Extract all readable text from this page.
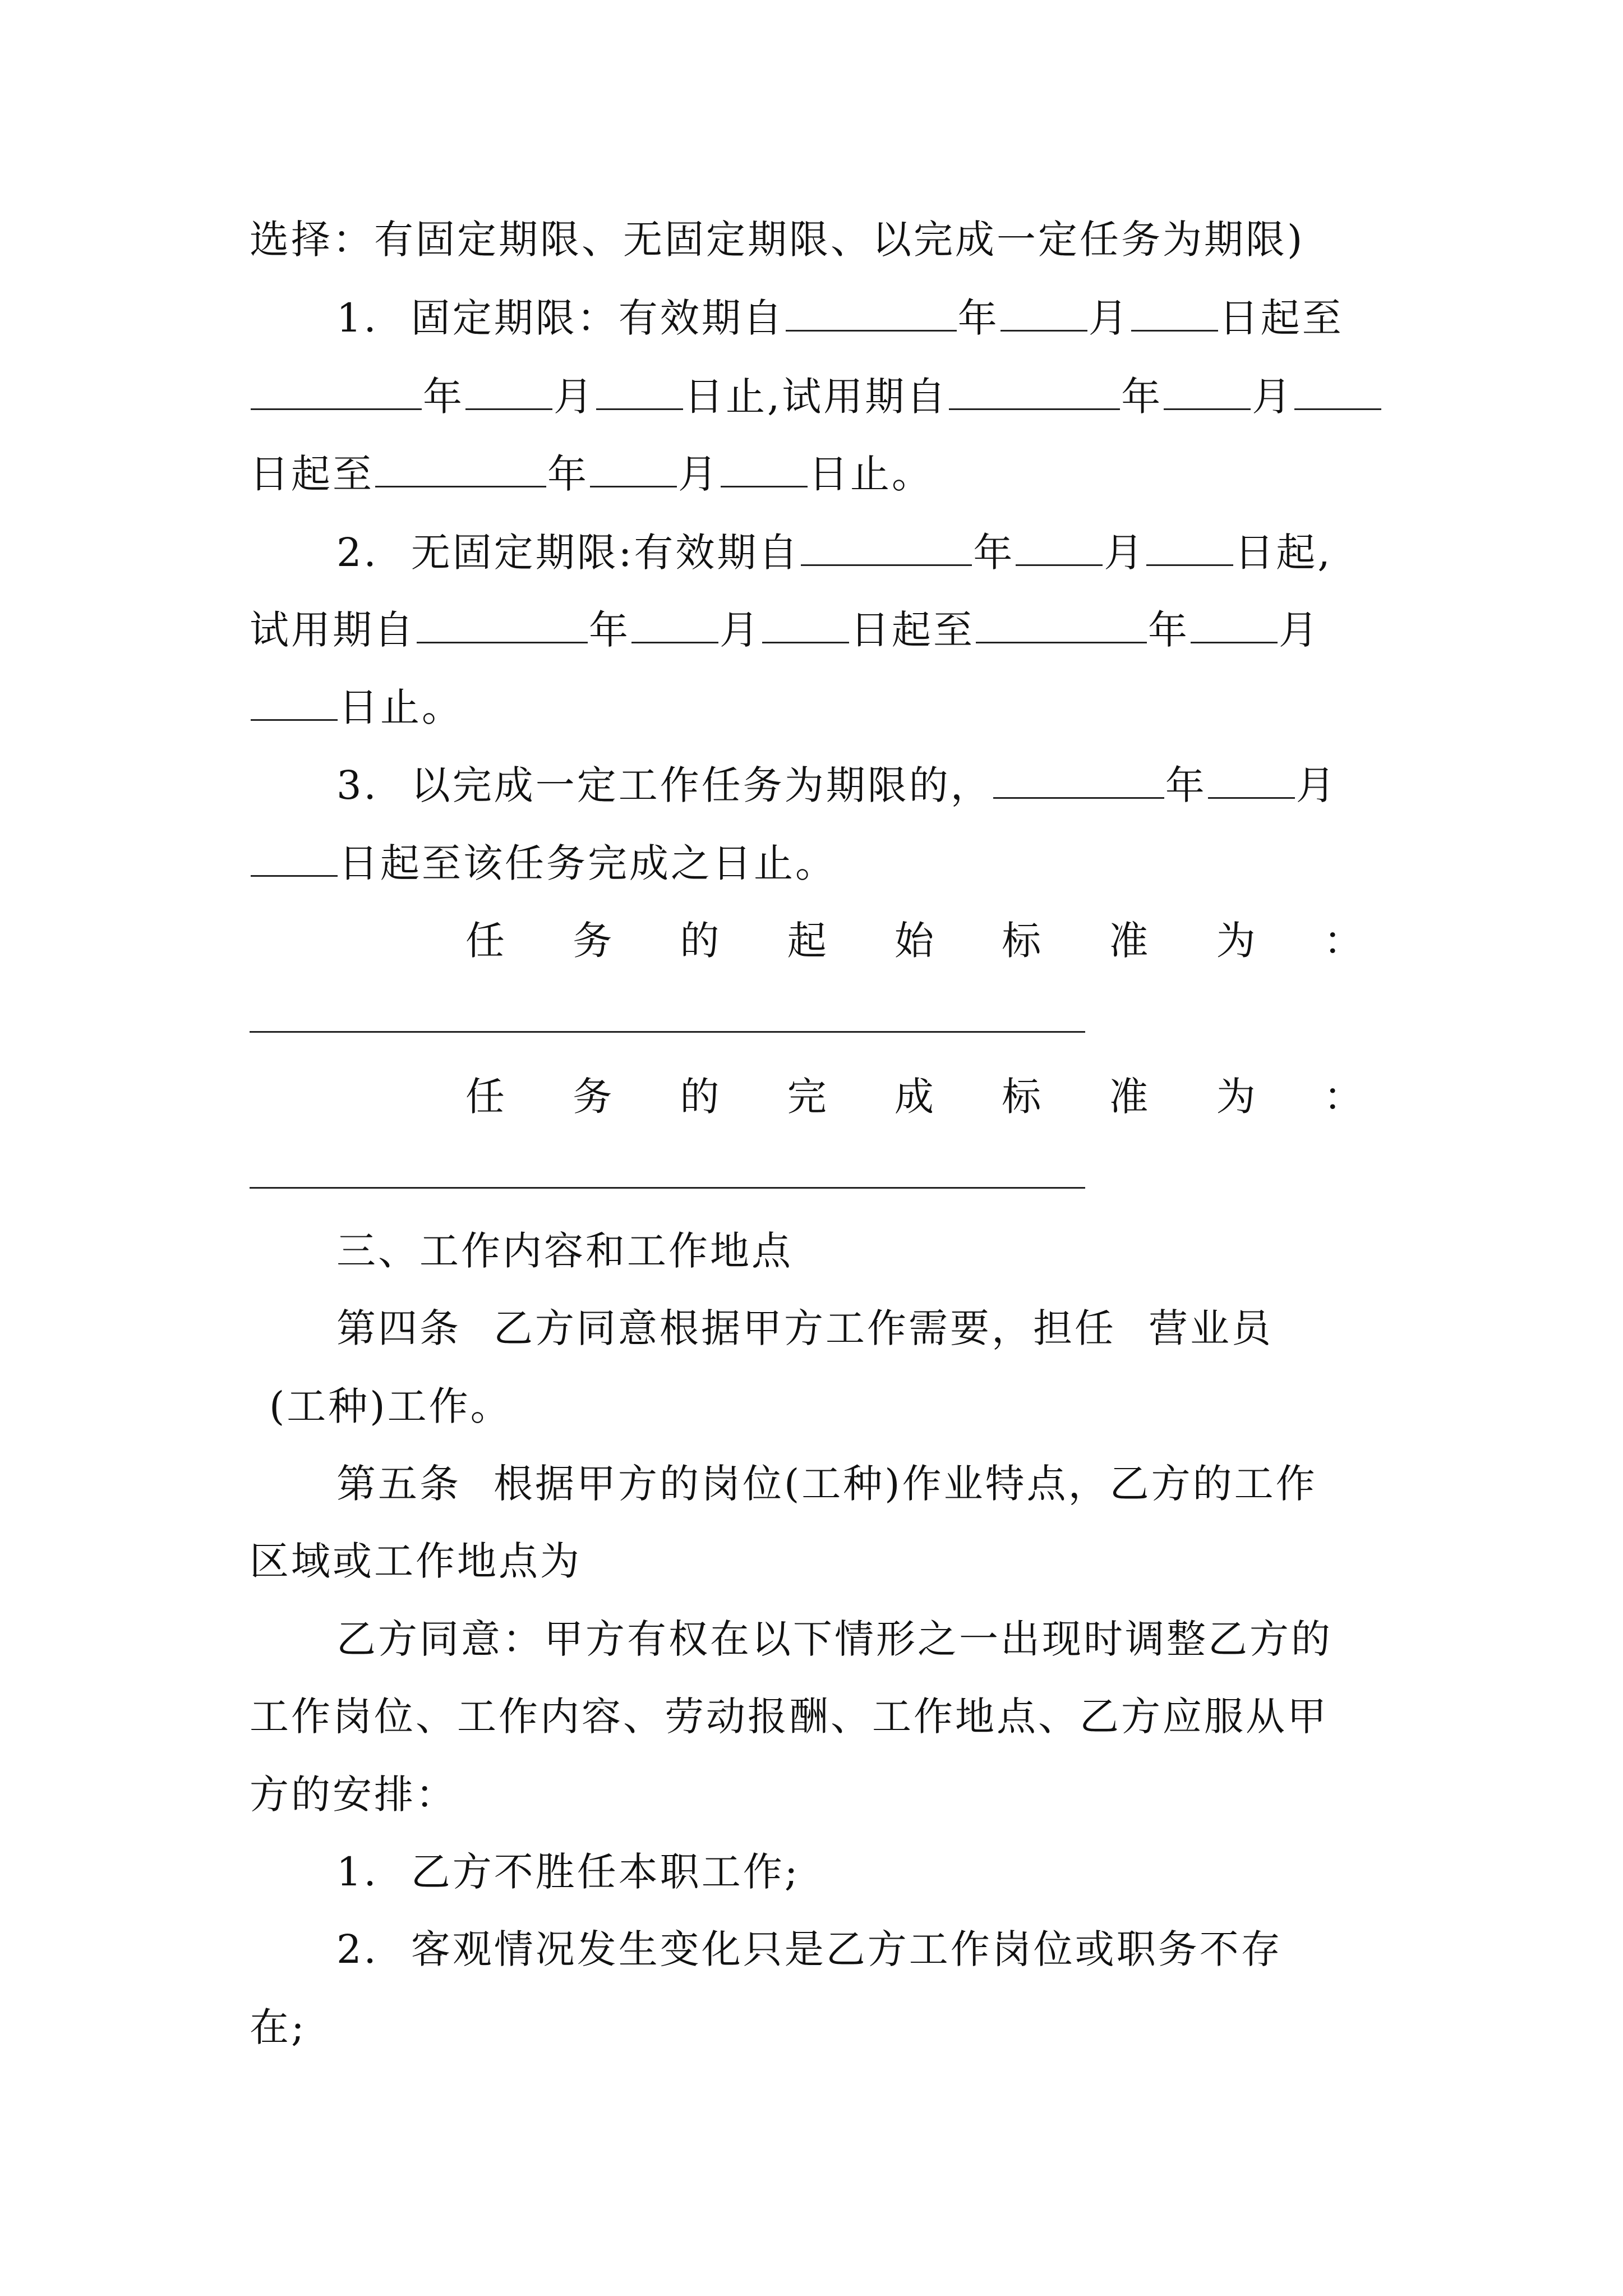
选择：有固定期限、无固定期限、以完成一定任务为期限)
1. 固定期限：有效期自	年 月 日起至
年 月 日止,试用期自	年 月
日起至	年 月 日止。
2. 无固定期限:有效期自	年 月 日起,
试用期自	年 月 日起至	年 月
日止。
3. 以完成一定工作任务为期限的，	年 月
日起至该任务完成之日止。
任 务 的 起 始 标 准 为 ：
任 务 的 完 成 标 准 为 ：
三、工作内容和工作地点
第四条 乙方同意根据甲方工作需要，担任 营业员
(工种)工作。
第五条 根据甲方的岗位(工种)作业特点，乙方的工作
区域或工作地点为
乙方同意：甲方有权在以下情形之一出现时调整乙方的
工作岗位、工作内容、劳动报酬、工作地点、乙方应服从甲
方的安排：
1. 乙方不胜任本职工作;
2. 客观情况发生变化只是乙方工作岗位或职务不存
在;
